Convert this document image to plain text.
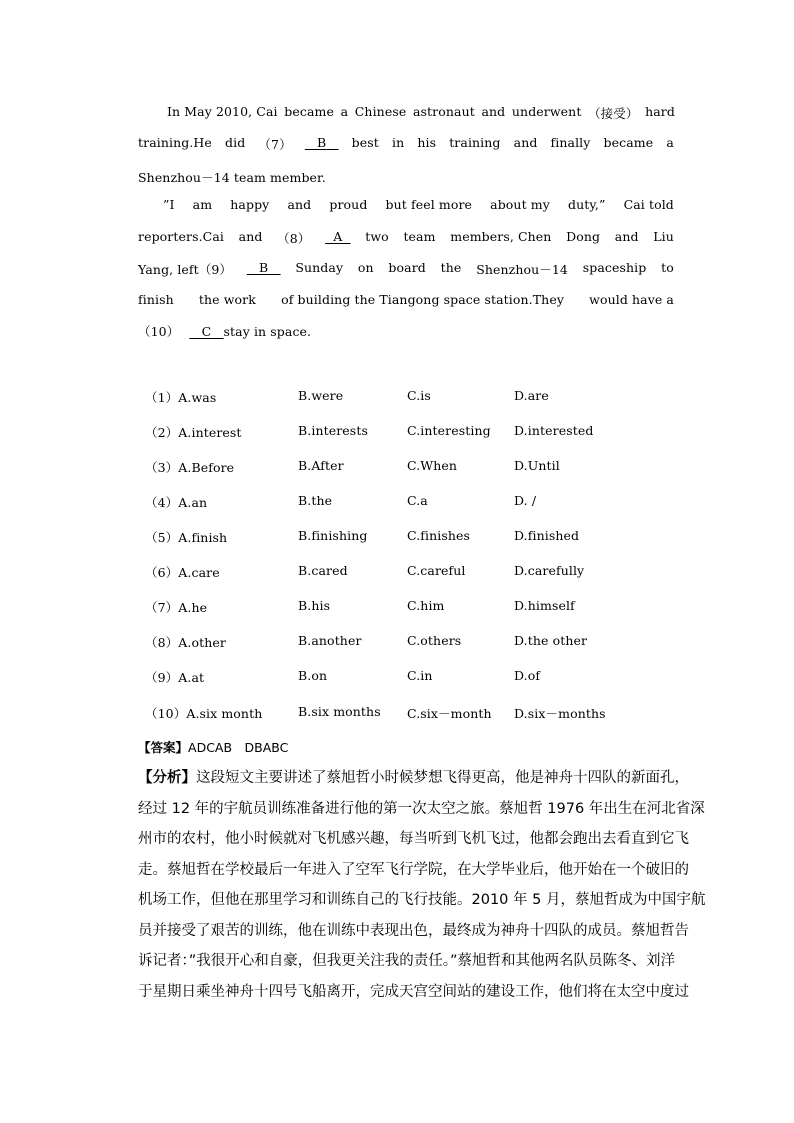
In May 2010, Cai became a Chinese astronaut and underwent （接受） hard
training.He did （7）	B	best in his training and finally became a
Shenzhou－14 team member.
”I am happy and proud but feel more about my duty,” Cai told
reporters.Cai and （8）	A	two team members, Chen Dong and Liu
Yang, left（9）	B	Sunday on board the Shenzhou－14 spaceship to
finish the work of building the Tiangong space station.They would have a
（10） C stay in space.
（1）A.was	B.were	C.is	D.are
（2）A.interest	B.interests	C.interesting D.interested
（3）A.Before	B.After	C.When	D.Until
（4）A.an	B.the	C.a	D. /
（5）A.finish	B.finishing	C.finishes	D.finished
（6）A.care	B.cared	C.careful	D.carefully
（7）A.he	B.his	C.him	D.himself
（8）A.other	B.another	C.others	D.the other
（9）A.at	B.on	C.in	D.of
（10）A.six month	B.six months C.six－month D.six－months
【答案】ADCAB　DBABC
【分析】这段短文主要讲述了蔡旭哲小时候梦想飞得更高，他是神舟十四队的新面孔，
经过 12 年的宇航员训练准备进行他的第一次太空之旅。蔡旭哲 1976 年出生在河北省深
州市的农村，他小时候就对飞机感兴趣，每当听到飞机飞过，他都会跑出去看直到它飞
走。蔡旭哲在学校最后一年进入了空军飞行学院，在大学毕业后，他开始在一个破旧的
机场工作，但他在那里学习和训练自己的飞行技能。2010 年 5 月，蔡旭哲成为中国宇航
员并接受了艰苦的训练，他在训练中表现出色，最终成为神舟十四队的成员。蔡旭哲告
诉记者：”我很开心和自豪，但我更关注我的责任。”蔡旭哲和其他两名队员陈冬、刘洋
于星期日乘坐神舟十四号飞船离开，完成天宫空间站的建设工作，他们将在太空中度过
